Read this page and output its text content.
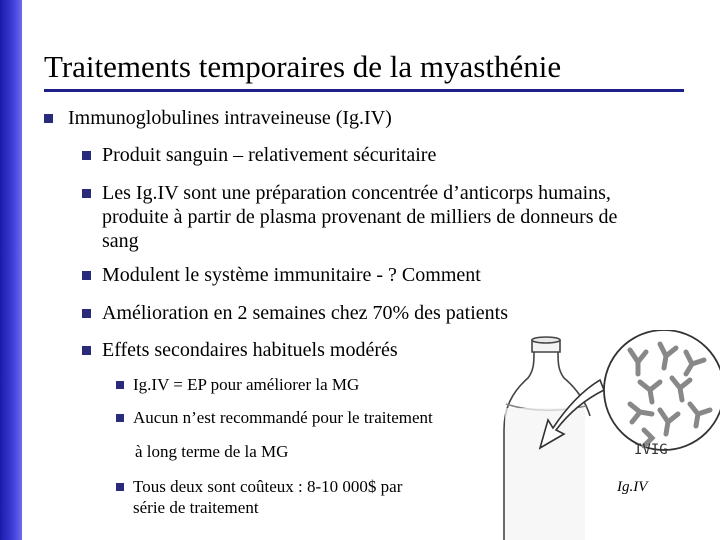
Traitements temporaires de la myasthénie
Immunoglobulines intraveineuse (Ig.IV)
Produit sanguin – relativement sécuritaire
Les Ig.IV sont une préparation concentrée d’anticorps humains,
produite à partir de plasma provenant de milliers de donneurs de
sang
Modulent le système immunitaire - ? Comment
Amélioration en 2 semaines chez 70% des patients
Effets secondaires habituels modérés
Ig.IV = EP pour améliorer la MG
Aucun n’est recommandé pour le traitement
à long terme de la MG
Tous deux sont coûteux : 8-10 000$ par
série de traitement
IVIG
Ig.IV
